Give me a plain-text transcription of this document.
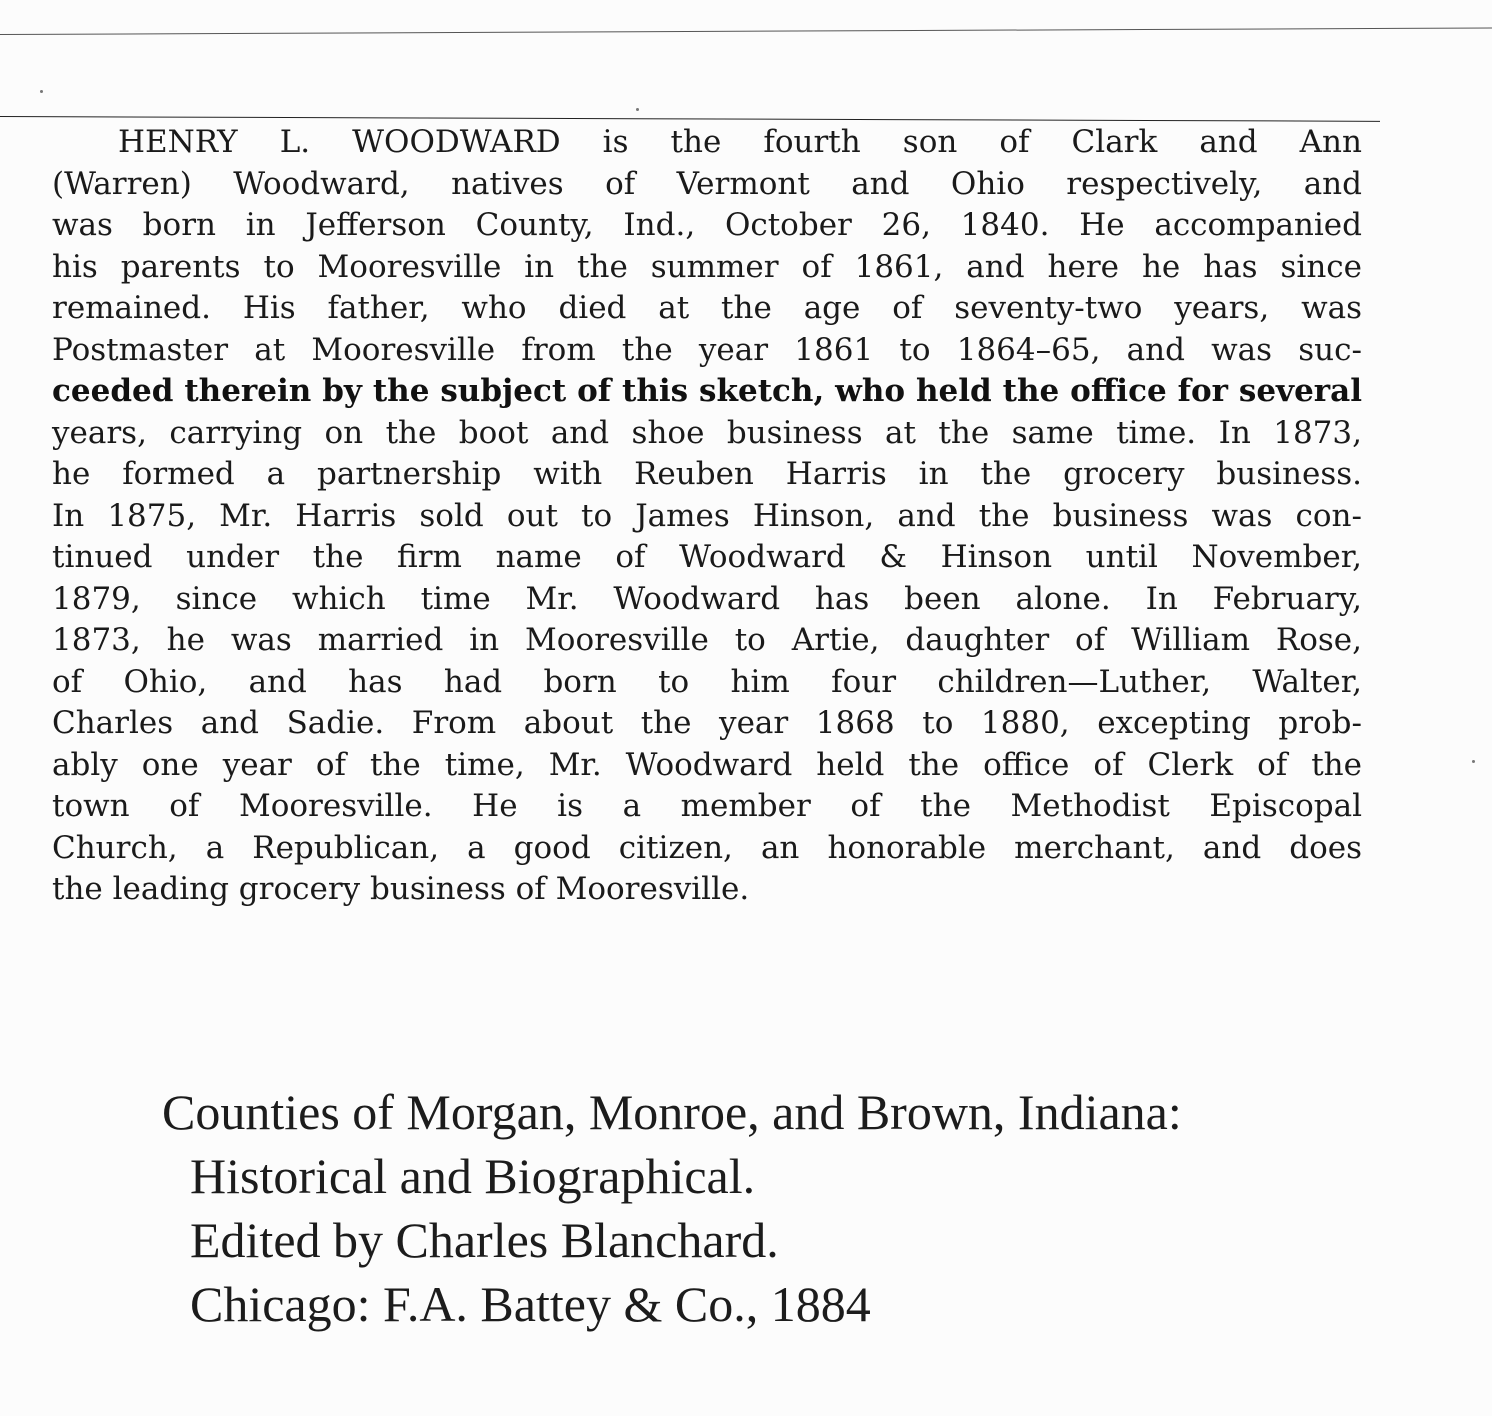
HENRY L. WOODWARD is the fourth son of Clark and Ann
(Warren) Woodward, natives of Vermont and Ohio respectively, and
was born in Jefferson County, Ind., October 26, 1840. He accompanied
his parents to Mooresville in the summer of 1861, and here he has since
remained. His father, who died at the age of seventy-two years, was
Postmaster at Mooresville from the year 1861 to 1864–65, and was suc-
ceeded therein by the subject of this sketch, who held the office for several
years, carrying on the boot and shoe business at the same time. In 1873,
he formed a partnership with Reuben Harris in the grocery business.
In 1875, Mr. Harris sold out to James Hinson, and the business was con-
tinued under the firm name of Woodward & Hinson until November,
1879, since which time Mr. Woodward has been alone. In February,
1873, he was married in Mooresville to Artie, daughter of William Rose,
of Ohio, and has had born to him four children—Luther, Walter,
Charles and Sadie. From about the year 1868 to 1880, excepting prob-
ably one year of the time, Mr. Woodward held the office of Clerk of the
town of Mooresville. He is a member of the Methodist Episcopal
Church, a Republican, a good citizen, an honorable merchant, and does
the leading grocery business of Mooresville.
Counties of Morgan, Monroe, and Brown, Indiana:
Historical and Biographical.
Edited by Charles Blanchard.
Chicago: F.A. Battey & Co., 1884
